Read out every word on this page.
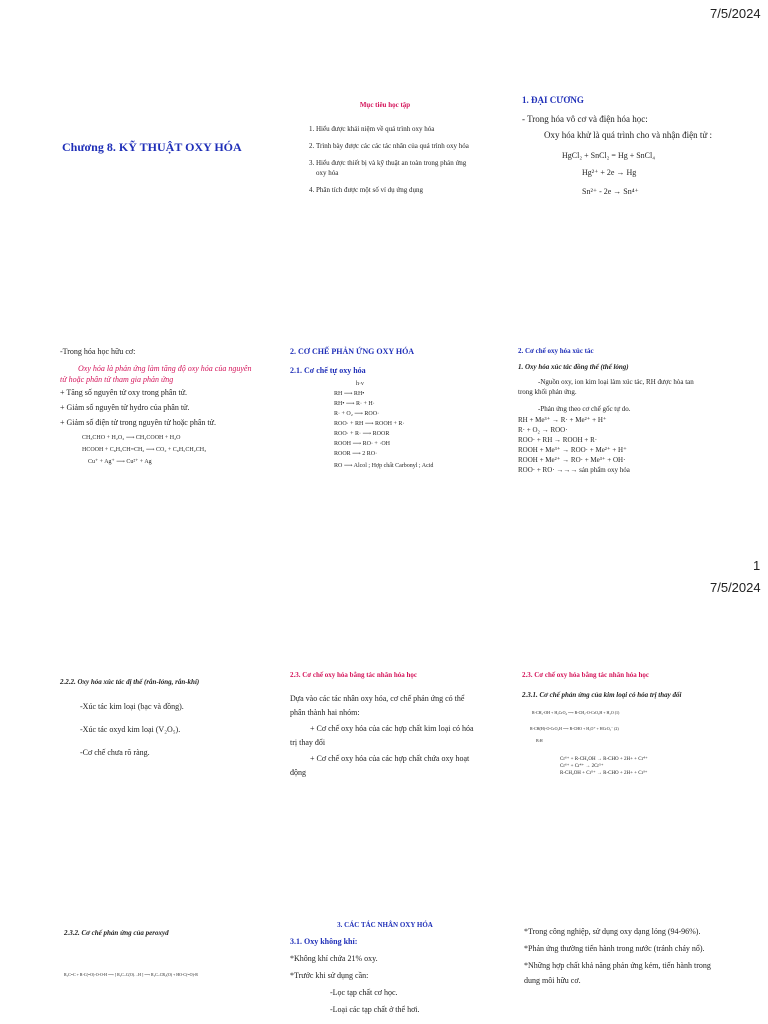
7/5/2024
Chương 8. KỸ THUẬT OXY HÓA
Mục tiêu học tập
1. Hiểu được khái niệm về quá trình oxy hóa
2. Trình bày được các các tác nhân của quá trình oxy hóa
3. Hiểu được thiết bị và kỹ thuật an toàn trong phản ứng oxy hóa
4. Phân tích được một số ví dụ ứng dụng
1. ĐẠI CƯƠNG
- Trong hóa vô cơ và điện hóa học:
Oxy hóa khử là quá trình cho và nhận điện tử :
HgCl₂ + SnCl₂ = Hg + SnCl₄
Hg²⁺ + 2e → Hg
Sn²⁺ - 2e → Sn⁴⁺
-Trong hóa học hữu cơ:
Oxy hóa là phản ứng làm tăng độ oxy hóa của nguyên tử hoặc phân tử tham gia phản ứng
+ Tăng số nguyên tử oxy trong phân tử.
+ Giảm số nguyên tử hydro của phân tử.
+ Giảm số điện tử trong nguyên tử hoặc phân tử.
CH₃CHO + H₂O₂ ⟶ CH₃COOH + H₂O
HCOOH + C₆H₅CH=CH₂ ⟶ CO₂ + C₆H₅CH₂CH₃
Cu⁺ + Ag⁺ ⟶ Cu²⁺ + Ag
2. CƠ CHẾ PHẢN ỨNG OXY HÓA
2.1. Cơ chế tự oxy hóa
h·ν
RH ⟶ RH•
RH• ⟶ R· + H·
R· + O₂ ⟶ ROO·
ROO· + RH ⟶ ROOH + R·
ROO· + R· ⟶ ROOR
ROOH ⟶ RO· + ·OH
ROOR ⟶ 2 RO·
RO ⟶ Alcol ; Hợp chất Carbonyl ; Acid
2. Cơ chế oxy hóa xúc tác
1. Oxy hóa xúc tác đồng thể (thể lỏng)
-Nguồn oxy, ion kim loại làm xúc tác, RH được hòa tan trong khối phản ứng.
-Phản ứng theo cơ chế gốc tự do.
RH + Me³⁺ → R· + Me²⁺ + H⁺
R· + O₂ → ROO·
ROO· + RH → ROOH + R·
ROOH + Me³⁺ → ROO· + Me²⁺ + H⁺
ROOH + Me²⁺ → RO· + Me³⁺ + OH·
ROO· + RO· →→→ sản phẩm oxy hóa
1
7/5/2024
2.2.2. Oxy hóa xúc tác dị thể (rắn-lỏng, rắn-khí)
-Xúc tác kim loại (bạc và đồng).
-Xúc tác oxyd kim loại (V₂O₅).
-Cơ chế chưa rõ ràng.
2.3. Cơ chế oxy hóa bằng tác nhân hóa học
Dựa vào các tác nhân oxy hóa, cơ chế phản ứng có thể phân thành hai nhóm:
+ Cơ chế oxy hóa của các hợp chất kim loại có hóa trị thay đổi
+ Cơ chế oxy hóa của các hợp chất chứa oxy hoạt động
2.3. Cơ chế oxy hóa bằng tác nhân hóa học
2.3.1. Cơ chế phản ứng của kim loại có hóa trị thay đổi
R-CH₂-OH + H₂CrO₄ ⟶ R-CH₂-O-CrO₃H + H₂O (1)
R-CH(H)-O-CrO₃H ⟶ R-CHO + H₃O⁺ + HCrO₃⁻ (2)
B:H
Cr⁶⁺ + R-CH₂OH → R-CHO + 2H+ + Cr⁴⁺
Cr⁶⁺ + Cr⁴⁺ → 2Cr⁵⁺
R-CH₂OH + Cr⁵⁺ → R-CHO + 2H+ + Cr³⁺
2.3.2. Cơ chế phản ứng của peroxyd
R₂C=C + R-C(=O)-O-O-H ⟶ [ R₂C–C(O)…H ] ⟶ R₂C–CR₂(O) + HO-C(=O)-R
3. CÁC TÁC NHÂN OXY HÓA
3.1. Oxy không khí:
*Không khí chứa 21% oxy.
*Trước khi sử dụng cần:
-Lọc tạp chất cơ học.
-Loại các tạp chất ở thể hơi.
*Trong công nghiệp, sử dụng oxy dạng lỏng (94-96%).
*Phản ứng thường tiến hành trong nước (tránh cháy nổ).
*Những hợp chất khả năng phản ứng kém, tiến hành trong dung môi hữu cơ.
